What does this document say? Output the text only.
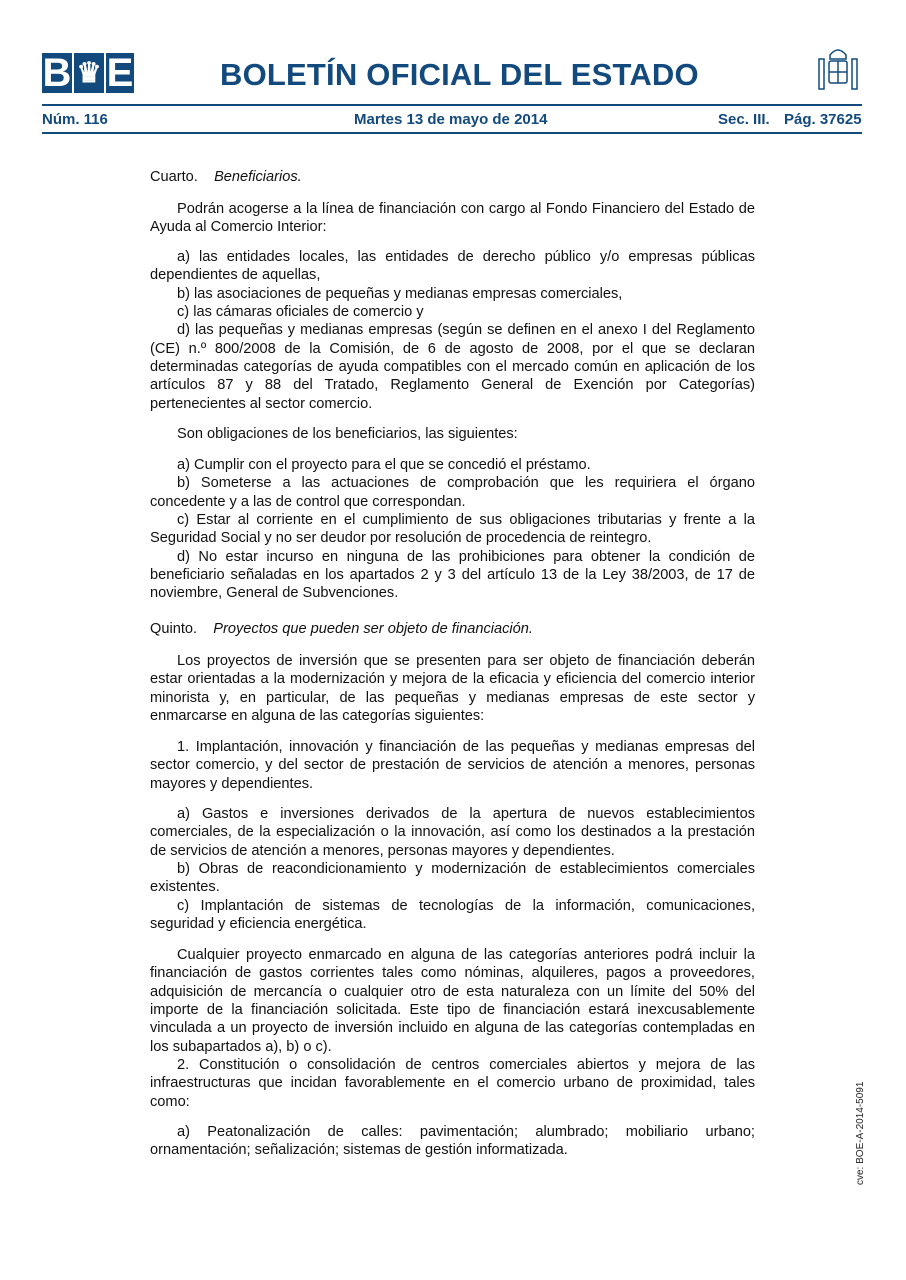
B ♛ E	BOLETÍN OFICIAL DEL ESTADO
Núm. 116	Martes 13 de mayo de 2014	Sec. III. Pág. 37625

Cuarto. Beneficiarios.

Podrán acogerse a la línea de financiación con cargo al Fondo Financiero del Estado de Ayuda al Comercio Interior:

a) las entidades locales, las entidades de derecho público y/o empresas públicas dependientes de aquellas,

b) las asociaciones de pequeñas y medianas empresas comerciales,

c) las cámaras oficiales de comercio y

d) las pequeñas y medianas empresas (según se definen en el anexo I del Reglamento (CE) n.º 800/2008 de la Comisión, de 6 de agosto de 2008, por el que se declaran determinadas categorías de ayuda compatibles con el mercado común en aplicación de los artículos 87 y 88 del Tratado, Reglamento General de Exención por Categorías) pertenecientes al sector comercio.

Son obligaciones de los beneficiarios, las siguientes:

a) Cumplir con el proyecto para el que se concedió el préstamo.

b) Someterse a las actuaciones de comprobación que les requiriera el órgano concedente y a las de control que correspondan.

c) Estar al corriente en el cumplimiento de sus obligaciones tributarias y frente a la Seguridad Social y no ser deudor por resolución de procedencia de reintegro.

d) No estar incurso en ninguna de las prohibiciones para obtener la condición de beneficiario señaladas en los apartados 2 y 3 del artículo 13 de la Ley 38/2003, de 17 de noviembre, General de Subvenciones.

Quinto. Proyectos que pueden ser objeto de financiación.

Los proyectos de inversión que se presenten para ser objeto de financiación deberán estar orientadas a la modernización y mejora de la eficacia y eficiencia del comercio interior minorista y, en particular, de las pequeñas y medianas empresas de este sector y enmarcarse en alguna de las categorías siguientes:

1. Implantación, innovación y financiación de las pequeñas y medianas empresas del sector comercio, y del sector de prestación de servicios de atención a menores, personas mayores y dependientes.

a) Gastos e inversiones derivados de la apertura de nuevos establecimientos comerciales, de la especialización o la innovación, así como los destinados a la prestación de servicios de atención a menores, personas mayores y dependientes.

b) Obras de reacondicionamiento y modernización de establecimientos comerciales existentes.

c) Implantación de sistemas de tecnologías de la información, comunicaciones, seguridad y eficiencia energética.

Cualquier proyecto enmarcado en alguna de las categorías anteriores podrá incluir la financiación de gastos corrientes tales como nóminas, alquileres, pagos a proveedores, adquisición de mercancía o cualquier otro de esta naturaleza con un límite del 50% del importe de la financiación solicitada. Este tipo de financiación estará inexcusablemente vinculada a un proyecto de inversión incluido en alguna de las categorías contempladas en los subapartados a), b) o c).

2. Constitución o consolidación de centros comerciales abiertos y mejora de las infraestructuras que incidan favorablemente en el comercio urbano de proximidad, tales como:

a) Peatonalización de calles: pavimentación; alumbrado; mobiliario urbano; ornamentación; señalización; sistemas de gestión informatizada.	cve: BOE-A-2014-5091
